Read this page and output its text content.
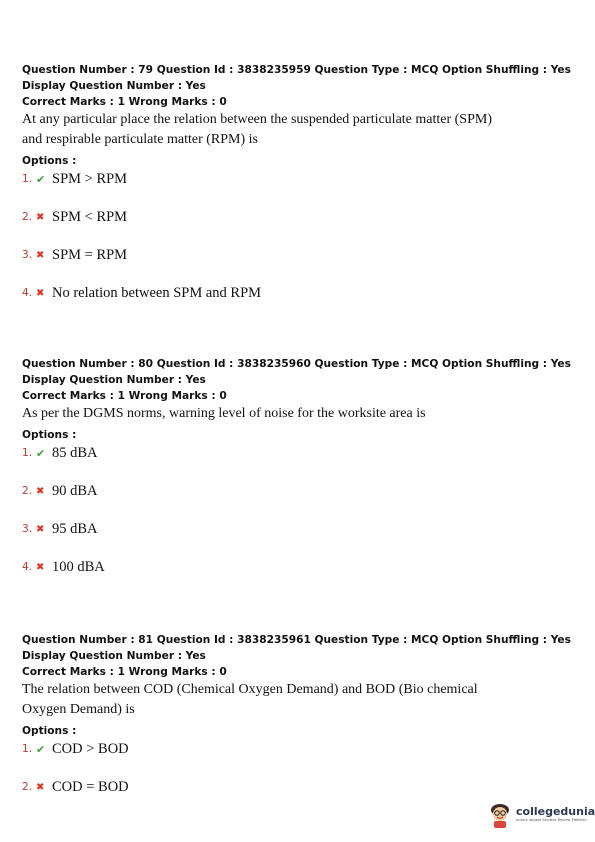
Question Number : 79 Question Id : 3838235959 Question Type : MCQ Option Shuffling : Yes
Display Question Number : Yes
Correct Marks : 1 Wrong Marks : 0
At any particular place the relation between the suspended particulate matter (SPM)
and respirable particulate matter (RPM) is
Options :
1. ✔ SPM > RPM
2. ✖ SPM < RPM
3. ✖ SPM = RPM
4. ✖ No relation between SPM and RPM
Question Number : 80 Question Id : 3838235960 Question Type : MCQ Option Shuffling : Yes
Display Question Number : Yes
Correct Marks : 1 Wrong Marks : 0
As per the DGMS norms, warning level of noise for the worksite area is
Options :
1. ✔ 85 dBA
2. ✖ 90 dBA
3. ✖ 95 dBA
4. ✖ 100 dBA
Question Number : 81 Question Id : 3838235961 Question Type : MCQ Option Shuffling : Yes
Display Question Number : Yes
Correct Marks : 1 Wrong Marks : 0
The relation between COD (Chemical Oxygen Demand) and BOD (Bio chemical
Oxygen Demand) is
Options :
1. ✔ COD > BOD
2. ✖ COD = BOD
collegedunia
India's largest Student Review Platform
